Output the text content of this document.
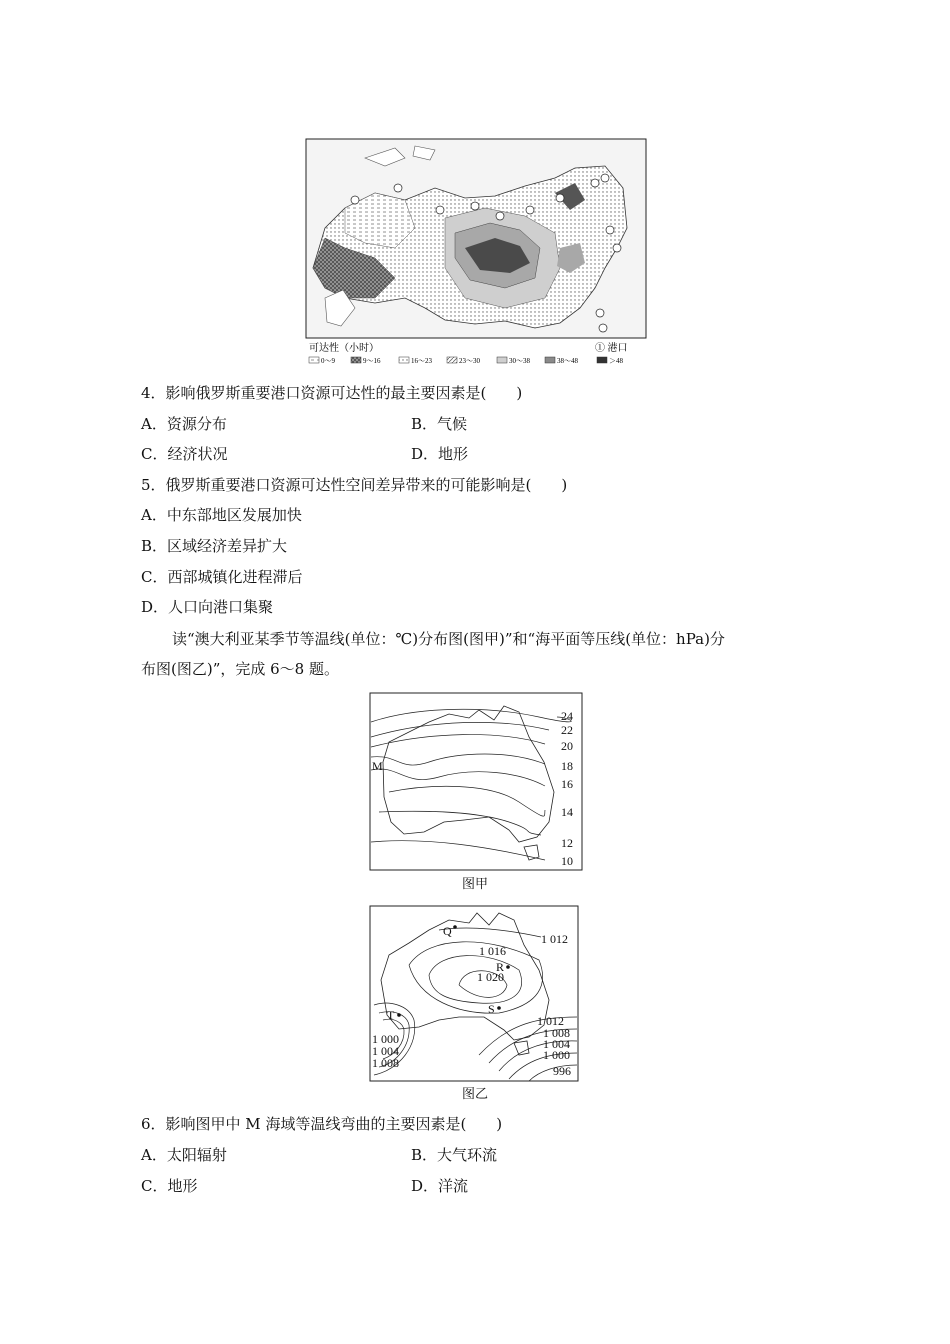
可达性（小时）	① 港口
0～9	9～16	16～23	23～30	30～38	38～48	＞48
4．影响俄罗斯重要港口资源可达性的最主要因素是(　　)
A．资源分布	B．气候
C．经济状况	D．地形
5．俄罗斯重要港口资源可达性空间差异带来的可能影响是(　　)
A．中东部地区发展加快
B．区域经济差异扩大
C．西部城镇化进程滞后
D．人口向港口集聚
读“澳大利亚某季节等温线(单位：℃)分布图(图甲)”和“海平面等压线(单位：hPa)分
布图(图乙)”，完成 6～8 题。
24
22
20
18
16
14
12
10
M
图甲
Q
R
S
T
1 012
1 016
1 020
1 012
1 008
1 004
1 000
996
1 000
1 004
1 008
图乙
6．影响图甲中 M 海域等温线弯曲的主要因素是(　　)
A．太阳辐射	B．大气环流
C．地形	D．洋流
